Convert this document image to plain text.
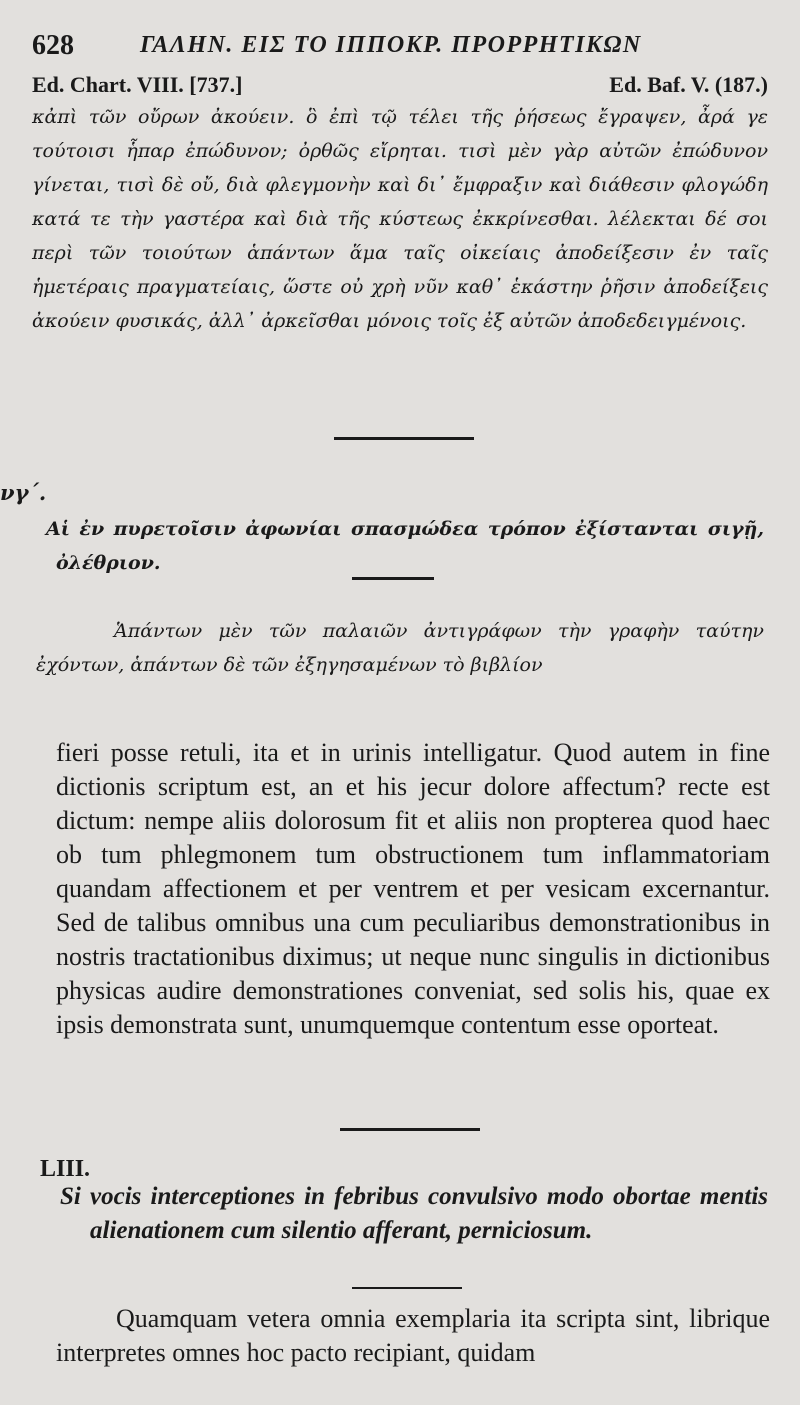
628	ΓΑΛΗΝ. ΕΙΣ ΤΟ ΙΠΠΟΚΡ. ΠΡΟΡΡΗΤΙΚΩΝ
Ed. Chart. VIII. [737.]	Ed. Baf. V. (187.)

κἀπὶ τῶν οὔρων ἀκούειν. ὃ ἐπὶ τῷ τέλει τῆς ῥήσεως ἔγραψεν, ἆρά γε τούτοισι ἧπαρ ἐπώδυνον; ὀρθῶς εἴρηται. τισὶ μὲν γὰρ αὐτῶν ἐπώδυνον γίνεται, τισὶ δὲ οὔ, διὰ φλεγμονὴν καὶ δι᾽ ἔμφραξιν καὶ διάθεσιν φλογώδη κατά τε τὴν γαστέρα καὶ διὰ τῆς κύστεως ἐκκρίνεσθαι. λέλεκται δέ σοι περὶ τῶν τοιούτων ἁπάντων ἅμα ταῖς οἰκείαις ἀποδείξεσιν ἐν ταῖς ἡμετέραις πραγματείαις, ὥστε οὐ χρὴ νῦν καθ᾽ ἑκάστην ῥῆσιν ἀποδείξεις ἀκούειν φυσικάς, ἀλλ᾽ ἀρκεῖσθαι μόνοις τοῖς ἐξ αὐτῶν ἀποδεδειγμένοις.

νγ΄.

Αἱ ἐν πυρετοῖσιν ἀφωνίαι σπασμώδεα τρόπον ἐξίστανται σιγῇ, ὀλέθριον.

Ἁπάντων μὲν τῶν παλαιῶν ἀντιγράφων τὴν γραφὴν ταύτην ἐχόντων, ἁπάντων δὲ τῶν ἐξηγησαμένων τὸ βιβλίον

fieri posse retuli, ita et in urinis intelligatur. Quod autem in fine dictionis scriptum est, an et his jecur dolore affectum? recte est dictum: nempe aliis dolorosum fit et aliis non propterea quod haec ob tum phlegmonem tum obstructionem tum inflammatoriam quandam affectionem et per ventrem et per vesicam excernantur. Sed de talibus omnibus una cum peculiaribus demonstrationibus in nostris tractationibus diximus; ut neque nunc singulis in dictionibus physicas audire demonstrationes conveniat, sed solis his, quae ex ipsis demonstrata sunt, unumquemque contentum esse oporteat.

LIII.

Si vocis interceptiones in febribus convulsivo modo obortae mentis alienationem cum silentio afferant, perniciosum.

Quamquam vetera omnia exemplaria ita scripta sint, librique interpretes omnes hoc pacto recipiant, quidam
